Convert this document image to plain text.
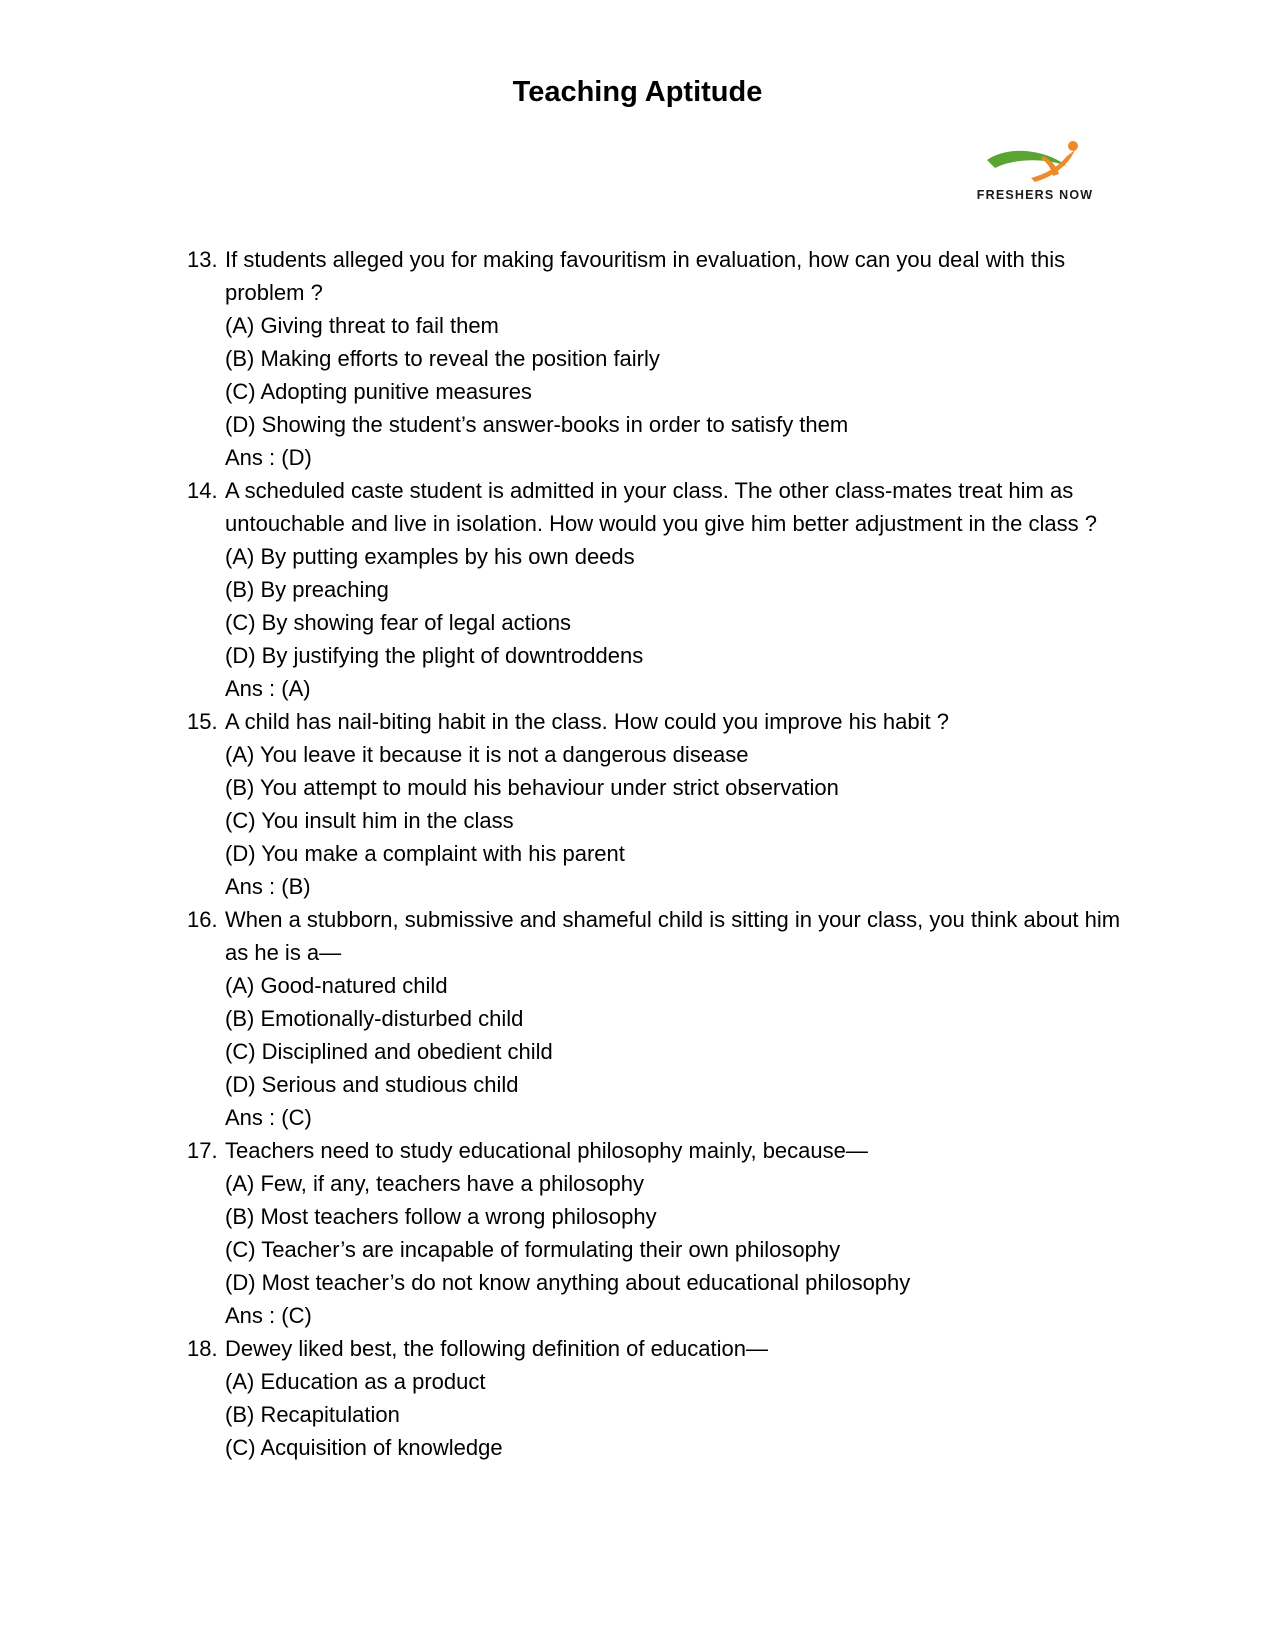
Teaching Aptitude
FRESHERS NOW
13. If students alleged you for making favouritism in evaluation, how can you deal with this problem ?
(A) Giving threat to fail them
(B) Making efforts to reveal the position fairly
(C) Adopting punitive measures
(D) Showing the student’s answer-books in order to satisfy them
Ans : (D)
14. A scheduled caste student is admitted in your class. The other class-mates treat him as untouchable and live in isolation. How would you give him better adjustment in the class ?
(A) By putting examples by his own deeds
(B) By preaching
(C) By showing fear of legal actions
(D) By justifying the plight of downtroddens
Ans : (A)
15. A child has nail-biting habit in the class. How could you improve his habit ?
(A) You leave it because it is not a dangerous disease
(B) You attempt to mould his behaviour under strict observation
(C) You insult him in the class
(D) You make a complaint with his parent
Ans : (B)
16. When a stubborn, submissive and shameful child is sitting in your class, you think about him as he is a—
(A) Good-natured child
(B) Emotionally-disturbed child
(C) Disciplined and obedient child
(D) Serious and studious child
Ans : (C)
17. Teachers need to study educational philosophy mainly, because—
(A) Few, if any, teachers have a philosophy
(B) Most teachers follow a wrong philosophy
(C) Teacher’s are incapable of formulating their own philosophy
(D) Most teacher’s do not know anything about educational philosophy
Ans : (C)
18. Dewey liked best, the following definition of education—
(A) Education as a product
(B) Recapitulation
(C) Acquisition of knowledge
